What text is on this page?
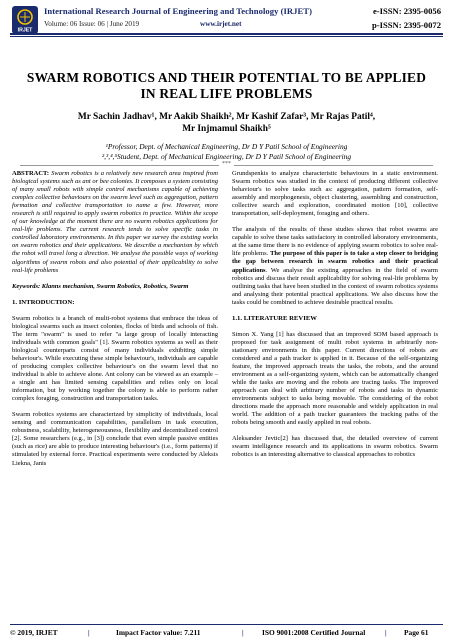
IRJET
International Research Journal of Engineering and Technology (IRJET)	e-ISSN: 2395-0056
Volume: 06 Issue: 06 | June 2019	www.irjet.net	p-ISSN: 2395-0072
SWARM ROBOTICS AND THEIR POTENTIAL TO BE APPLIED IN REAL LIFE PROBLEMS
Mr Sachin Jadhav¹, Mr Aakib Shaikh², Mr Kashif Zafar³, Mr Rajas Patil⁴,
Mr Injmamul Shaikh⁵
¹Professor, Dept. of Mechanical Engineering, Dr D Y Patil School of Engineering
²,³,⁴,⁵Student, Dept. of Mechanical Engineering, Dr D Y Patil School of Engineering
***

ABSTRACT: Swarm robotics is a relatively new research area inspired from biological systems such as ant or bee colonies. It composes a system consisting of many small robots with simple control mechanisms capable of achieving complex collective behaviours on the swarm level such as aggregation, pattern formation and collective transportation to name a few. However, more research is still required to apply swarm robotics in practice. Within the scope of our knowledge at the moment there are no swarm robotics applications for real-life problems. The current research tends to solve specific tasks in controlled laboratory environments. In this paper we survey the existing works on swarm robotics and their applications. We describe a mechanism by which the robot will travel long a direction. We analyse the possible ways of working algorithms of swarm robots and also potential of their applicability to solve real-life problems

Keywords: Klanns mechanism, Swarm Robotics, Robotics, Swarm

1. INTRODUCTION:

Swarm robotics is a branch of multi-robot systems that embrace the ideas of biological swarms such as insect colonies, flocks of birds and schools of fish. The term "swarm" is used to refer "a large group of locally interacting individuals with common goals" [1]. Swarm robotics systems as well as their biological counterparts consist of many individuals exhibiting simple behaviour's. While executing these simple behaviour's, individuals are capable of producing complex collective behaviour's on the swarm level that no individual is able to achieve alone. Ant colony can be viewed as an example – a single ant has limited sensing capabilities and relies only on local information, but by working together the colony is able to perform rather complex foraging, construction and transportation tasks.

Swarm robotics systems are characterized by simplicity of individuals, local sensing and communication capabilities, parallelism in task execution, robustness, scalability, heterogeneousness, flexibility and decentralized control [2]. Some researchers (e.g., in [3]) conclude that even simple passive entities (such as rice) are able to produce interesting behaviour's (i.e., form patterns) if stimulated by external force. Practical experiments were conducted by Aleksis Liekna, Janis

Grundspenkis to analyze characteristic behaviours in a static environment. Swarm robotics was studied in the context of producing different collective behaviour's to solve tasks such as: aggregation, pattern formation, self-assembly and morphogenesis, object clustering, assembling and construction, collective search and exploration, coordinated motion [10], collective transportation, self-deployment, foraging and others.

The analysis of the results of these studies shows that robot swarms are capable to solve these tasks satisfactory in controlled laboratory environments, at the same time there is no evidence of applying swarm robotics to solve real-life problems. The purpose of this paper is to take a step closer to bridging the gap between research in swarm robotics and their practical applications. We analyse the existing approaches in the field of swarm robotics and discuss their result applicability for solving real-life problems by outlining tasks that have been studied in the context of swarm robotics systems and analysing their potential practical applications. We also discuss how the tasks could be combined to achieve desirable practical results.

1.1. LITERATURE REVIEW

Simon X. Yang [1] has discussed that an improved SOM based approach is proposed for task assignment of multi robot systems in arbitrarily non-stationary environments in this paper. Current directions of robots are considered and a path tracker is applied in it. Because of the self-organizing feature, the improved approach treats the tasks, the robots, and the around environment as a self-organizing system, which can be automatically changed while the tasks are moving and the robots are tracing tasks. The improved approach can deal with arbitrary number of robots and tasks in dynamic environments subject to tasks being movable. The considering of the robot directions made the approach more reasonable and widely application in real world. The addition of a path tracker guarantees the tracking paths of the robots being smooth and easily applied in real robots.

Aleksander Jevtic[2] has discussed that, the detailed overview of current swarm intelligence research and its applications in swarm robotics. Swarm robotics is an interesting alternative to classical approaches to robotics

© 2019, IRJET	|	Impact Factor value: 7.211	| ISO 9001:2008 Certified Journal	| Page 61
